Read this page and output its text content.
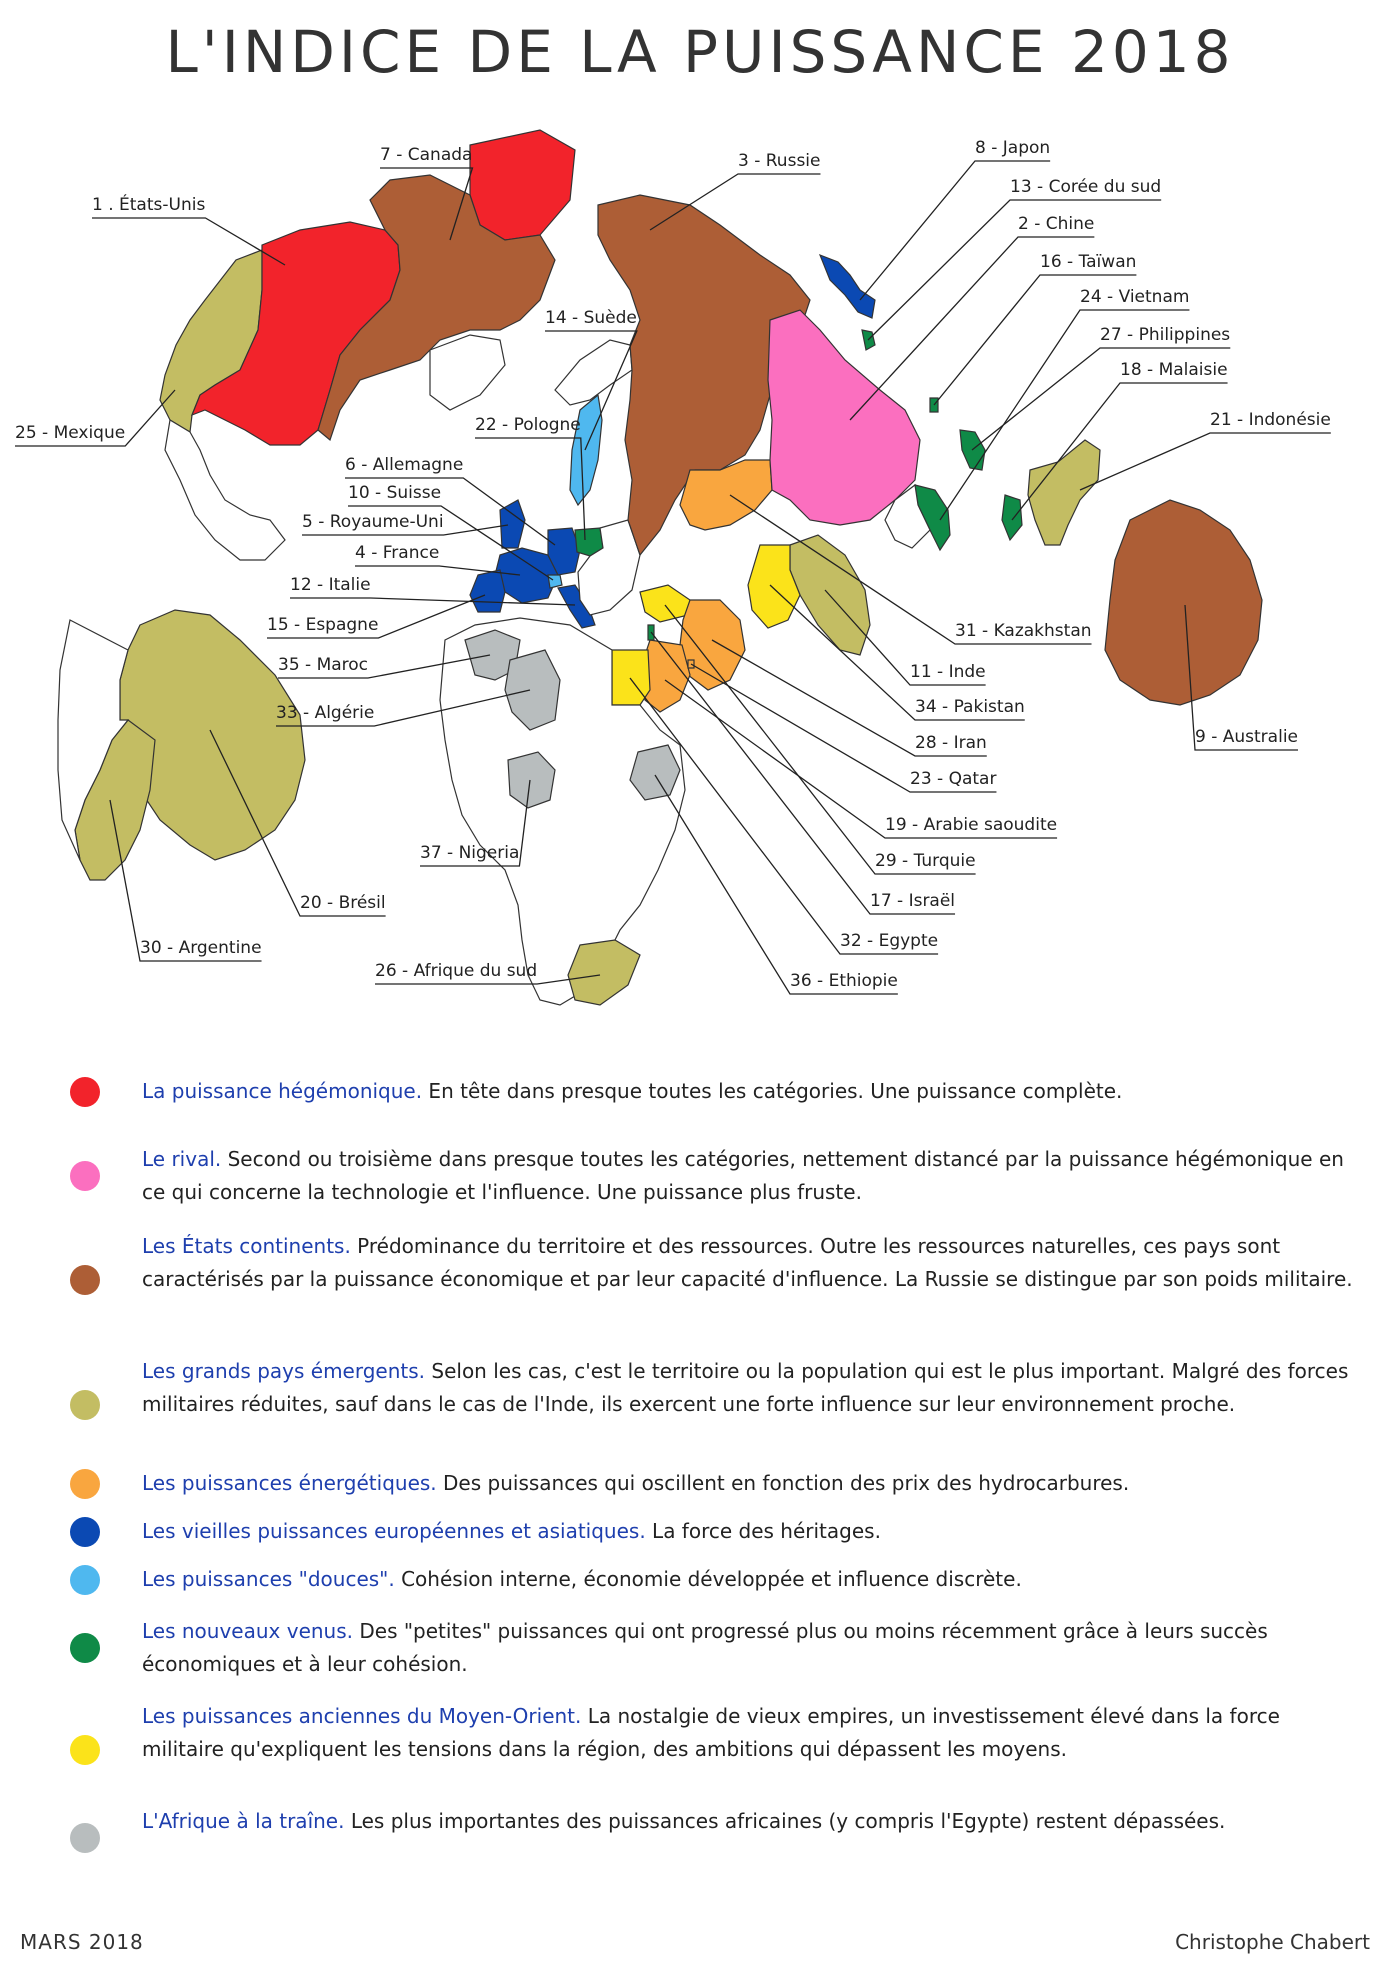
L'INDICE DE LA PUISSANCE 2018
1 . États-Unis
7 - Canada	3 - Russie
8 - Japon
13 - Corée du sud
2 - Chine
16 - Taïwan
24 - Vietnam
27 - Philippines
18 - Malaisie
21 - Indonésie
25 - Mexique
14 - Suède
22 - Pologne
6 - Allemagne
10 - Suisse
5 - Royaume-Uni
4 - France
12 - Italie
15 - Espagne
35 - Maroc
33 - Algérie
31 - Kazakhstan
11 - Inde
34 - Pakistan
28 - Iran
23 - Qatar
19 - Arabie saoudite
29 - Turquie
17 - Israël
32 - Egypte
36 - Ethiopie
9 - Australie
37 - Nigeria
20 - Brésil
30 - Argentine
26 - Afrique du sud
La puissance hégémonique. En tête dans presque toutes les catégories. Une puissance complète.
Le rival. Second ou troisième dans presque toutes les catégories, nettement distancé par la puissance hégémonique en ce qui concerne la technologie et l'influence. Une puissance plus fruste.
Les États continents. Prédominance du territoire et des ressources. Outre les ressources naturelles, ces pays sont caractérisés par la puissance économique et par leur capacité d'influence. La Russie se distingue par son poids militaire.
Les grands pays émergents. Selon les cas, c'est le territoire ou la population qui est le plus important. Malgré des forces militaires réduites, sauf dans le cas de l'Inde, ils exercent une forte influence sur leur environnement proche.
Les puissances énergétiques. Des puissances qui oscillent en fonction des prix des hydrocarbures.
Les vieilles puissances européennes et asiatiques. La force des héritages.
Les puissances "douces". Cohésion interne, économie développée et influence discrète.
Les nouveaux venus. Des "petites" puissances qui ont progressé plus ou moins récemment grâce à leurs succès économiques et à leur cohésion.
Les puissances anciennes du Moyen-Orient. La nostalgie de vieux empires, un investissement élevé dans la force militaire qu'expliquent les tensions dans la région, des ambitions qui dépassent les moyens.
L'Afrique à la traîne. Les plus importantes des puissances africaines (y compris l'Egypte) restent dépassées.
MARS 2018	Christophe Chabert
